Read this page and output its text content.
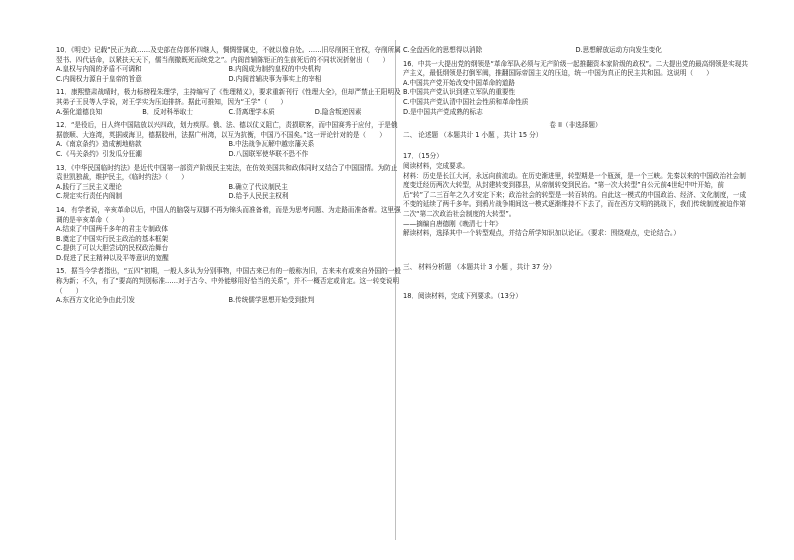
10．《明史》记载“民正为政……及史部在侍郎怀四继人，惆惆誉属史，不就以像自处。……旧尽削困王官权，夺削所属翌书、四代话命，以紧扶天天下，儒当削撤既死而统党之”。内阁首辅陈钜正的生前死后的不同状况折射出（　　）

A.皇权与内阁的矛盾不可调和	B.内阁成为制约皇权的中央机构
C.内阁权力源自于皇帝的旨意	D.内阁首辅决事为事实上的宰相

11．康熙整肃战晴时，极力标榜程朱理学，主持编写了《性理精义》，要求重新刊行《性理大全》，但却严禁止王阳明及其弟子王艮等人学说，对王学实为压迫排挤。据此可推知，因为“王学”（　　）

A.强化道德良知	B．反对科举取士	C.背离理学本质	D.隐含叛逆因素

12．“是役后，日人终中国陆放以兴四政，划力疾厚。俄、法、德以仗义阻亡，责损联客，而中国赛秀于应付，于是俄据旅顺、大连湾，英据威海卫，德据胶州，法据广州湾，以互为抗衡，中国乃不国矣。”这一评论针对的是（　　）

A.《南京条约》造成割地赔款	B.中法战争瓦解中越宗藩关系
C.《马关条约》引发瓜分狂潮	D.八国联军使华联不恐不作

13．《中华民国临时约法》是近代中国第一部资产阶级民主宪法，在仿效美国共和政体同时又结合了中国国情。为防止袁世凯独裁，维护民主，《临时约法》（　　）

A.践行了三民主义理论	B.确立了代议制民主
C.规定实行责任内阁制	D.给予人民民主权利

14．有学者说，辛亥革命以后，中国人的脑袋与双脚不再为锦头而准备着，而是为思考问题、为走路而准备着。这里强调的是辛亥革命（　　）

A.结束了中国两千多年的君主专制政体

B.奠定了中国实行民主政治的基本框架

C.提供了可以大胆尝试的民权政治舞台

D.促进了民主精神以及平等意识的宽醒

15．据当今学者指出，“五四”初期，一般人多认为分别事物，中国古来已有的一般称为旧，古来未有或来自外国的一般称为新；不久，有了“要高的判别标准……对于古今、中外能够用好恰当的关系”，并不一概否定或肯定。这一转变说明（　　）

A.东西方文化论争由此引发	B.传统儒学思想开始受到批判
C.全盘西化的思想得以消除	D.思想解放运动方向发生变化

16．中共一大提出党的纲领是“革命军队必须与无产阶级一起推翻资本家阶级的政权”。二大提出党的最高纲领是实现共产主义，最低纲领是打倒军阀，推翻国际帝国主义的压迫，统一中国为真正的民主共和国。这说明（　　）

A.中国共产党开始改变中国革命的道路

B.中国共产党认识到建立军队的重要性

C.中国共产党认清中国社会性质和革命性质

D.是中国共产党成熟的标志

卷 II（非选择题）

二、 论述题 （本题共计 1 小题 ，共计 15 分）

17．（15分）

阅读材料，完成要求。

材料：历史是长江大河，永远向前流动。在历史渐进里，转型期是一个瓶颈，是一个三峡。先秦以来的中国政治社会制度变迁经历两次大转型，从封建转变到郡县，从帝制转变到民治。“第一次大转型”自公元前4世纪中叶开始，前后“转”了二三百年之久才安定下来；政治社会的转型是一转百转的。自此这一模式的中国政治、经济、文化制度，一成不变的延续了两千多年。到鸦片战争期间这一模式逐渐维持不下去了，而在西方文明的挑战下，我们传统制度被迫作第二次“第二次政治社会制度的大转型”。

——摘编自唐德刚《晚清七十年》

解读材料，选择其中一个转型观点，并结合所学知识加以论证。（要求：围绕观点，史论结合。）

三、 材料分析题 （本题共计 3 小题 ，共计 37 分）

18．阅读材料，完成下列要求。（13分）
